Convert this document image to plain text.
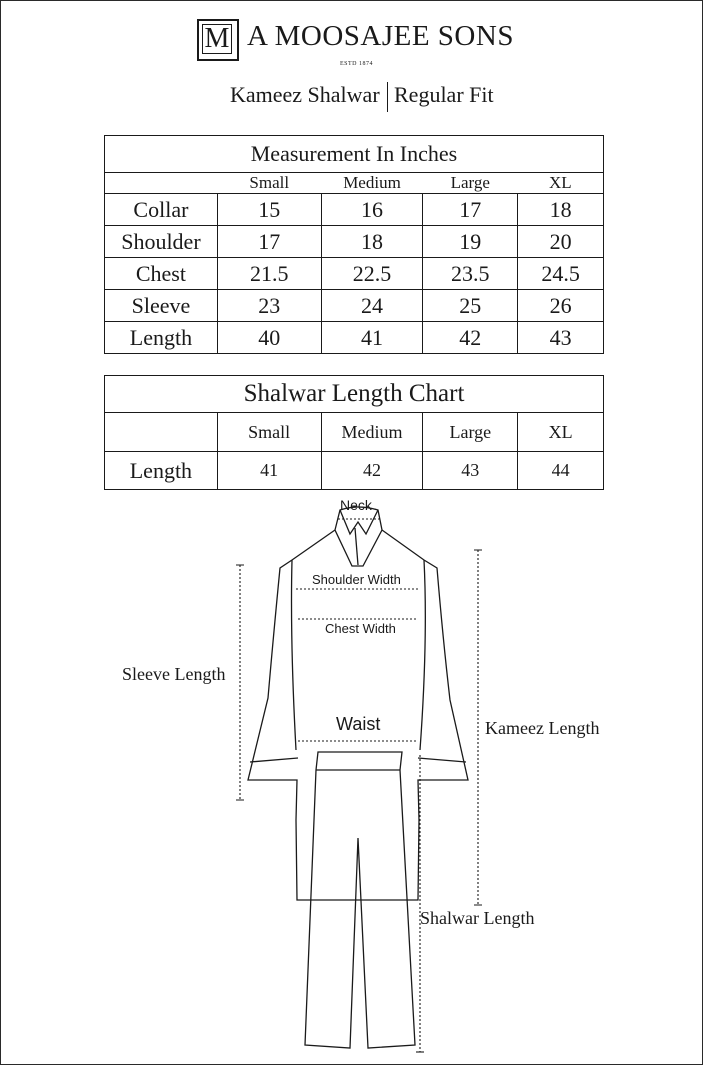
M A MOOSAJEE SONS
ESTD 1874
Kameez Shalwar Regular Fit
Measurement In Inches				
	Small	Medium	Large	XL
Collar	15	16	17	18
Shoulder	17	18	19	20
Chest	21.5	22.5	23.5	24.5
Sleeve	23	24	25	26
Length	40	41	42	43
Shalwar Length Chart				
	Small	Medium	Large	XL
Length	41	42	43	44
Neck
Shoulder Width
Chest Width
Waist
Sleeve Length
Kameez Length
Shalwar Length
